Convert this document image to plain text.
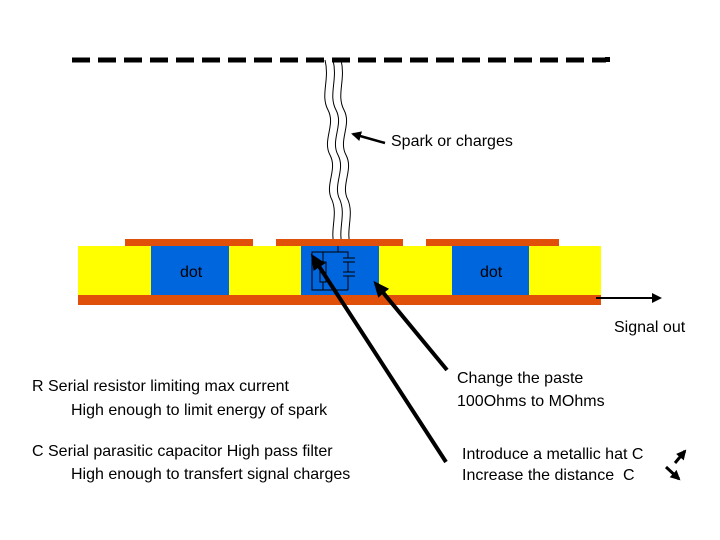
Spark or charges
dot	dot
Signal out
R Serial resistor limiting max current
High enough to limit energy of spark
C Serial parasitic capacitor High pass filter
High enough to transfert signal charges
Change the paste
100Ohms to MOhms
Introduce a metallic hat C
Increase the distance  C
